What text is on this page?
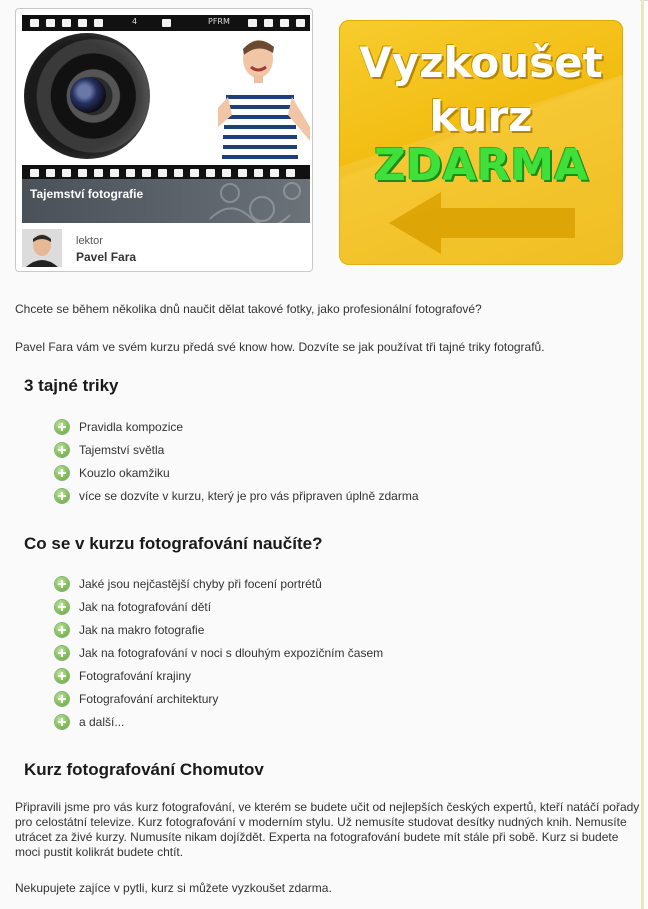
4	PFRM
Tajemství fotografie
lektor
Pavel Fara
Vyzkoušet
kurz
ZDARMA
Chcete se během několika dnů naučit dělat takové fotky, jako profesionální fotografové?
Pavel Fara vám ve svém kurzu předá své know how. Dozvíte se jak používat tři tajné triky fotografů.
3 tajné triky
Pravidla kompozice
Tajemství světla
Kouzlo okamžiku
více se dozvíte v kurzu, který je pro vás připraven úplně zdarma
Co se v kurzu fotografování naučíte?
Jaké jsou nejčastější chyby při focení portrétů
Jak na fotografování dětí
Jak na makro fotografie
Jak na fotografování v noci s dlouhým expozičním časem
Fotografování krajiny
Fotografování architektury
a další...
Kurz fotografování Chomutov
Připravili jsme pro vás kurz fotografování, ve kterém se budete učit od nejlepších českých expertů, kteří natáčí pořady pro celostátní televize. Kurz fotografování v moderním stylu. Už nemusíte studovat desítky nudných knih. Nemusíte utrácet za živé kurzy. Numusíte nikam dojíždět. Experta na fotografování budete mít stále při sobě. Kurz si budete moci pustit kolikrát budete chtít.
Nekupujete zajíce v pytli, kurz si můžete vyzkoušet zdarma.
